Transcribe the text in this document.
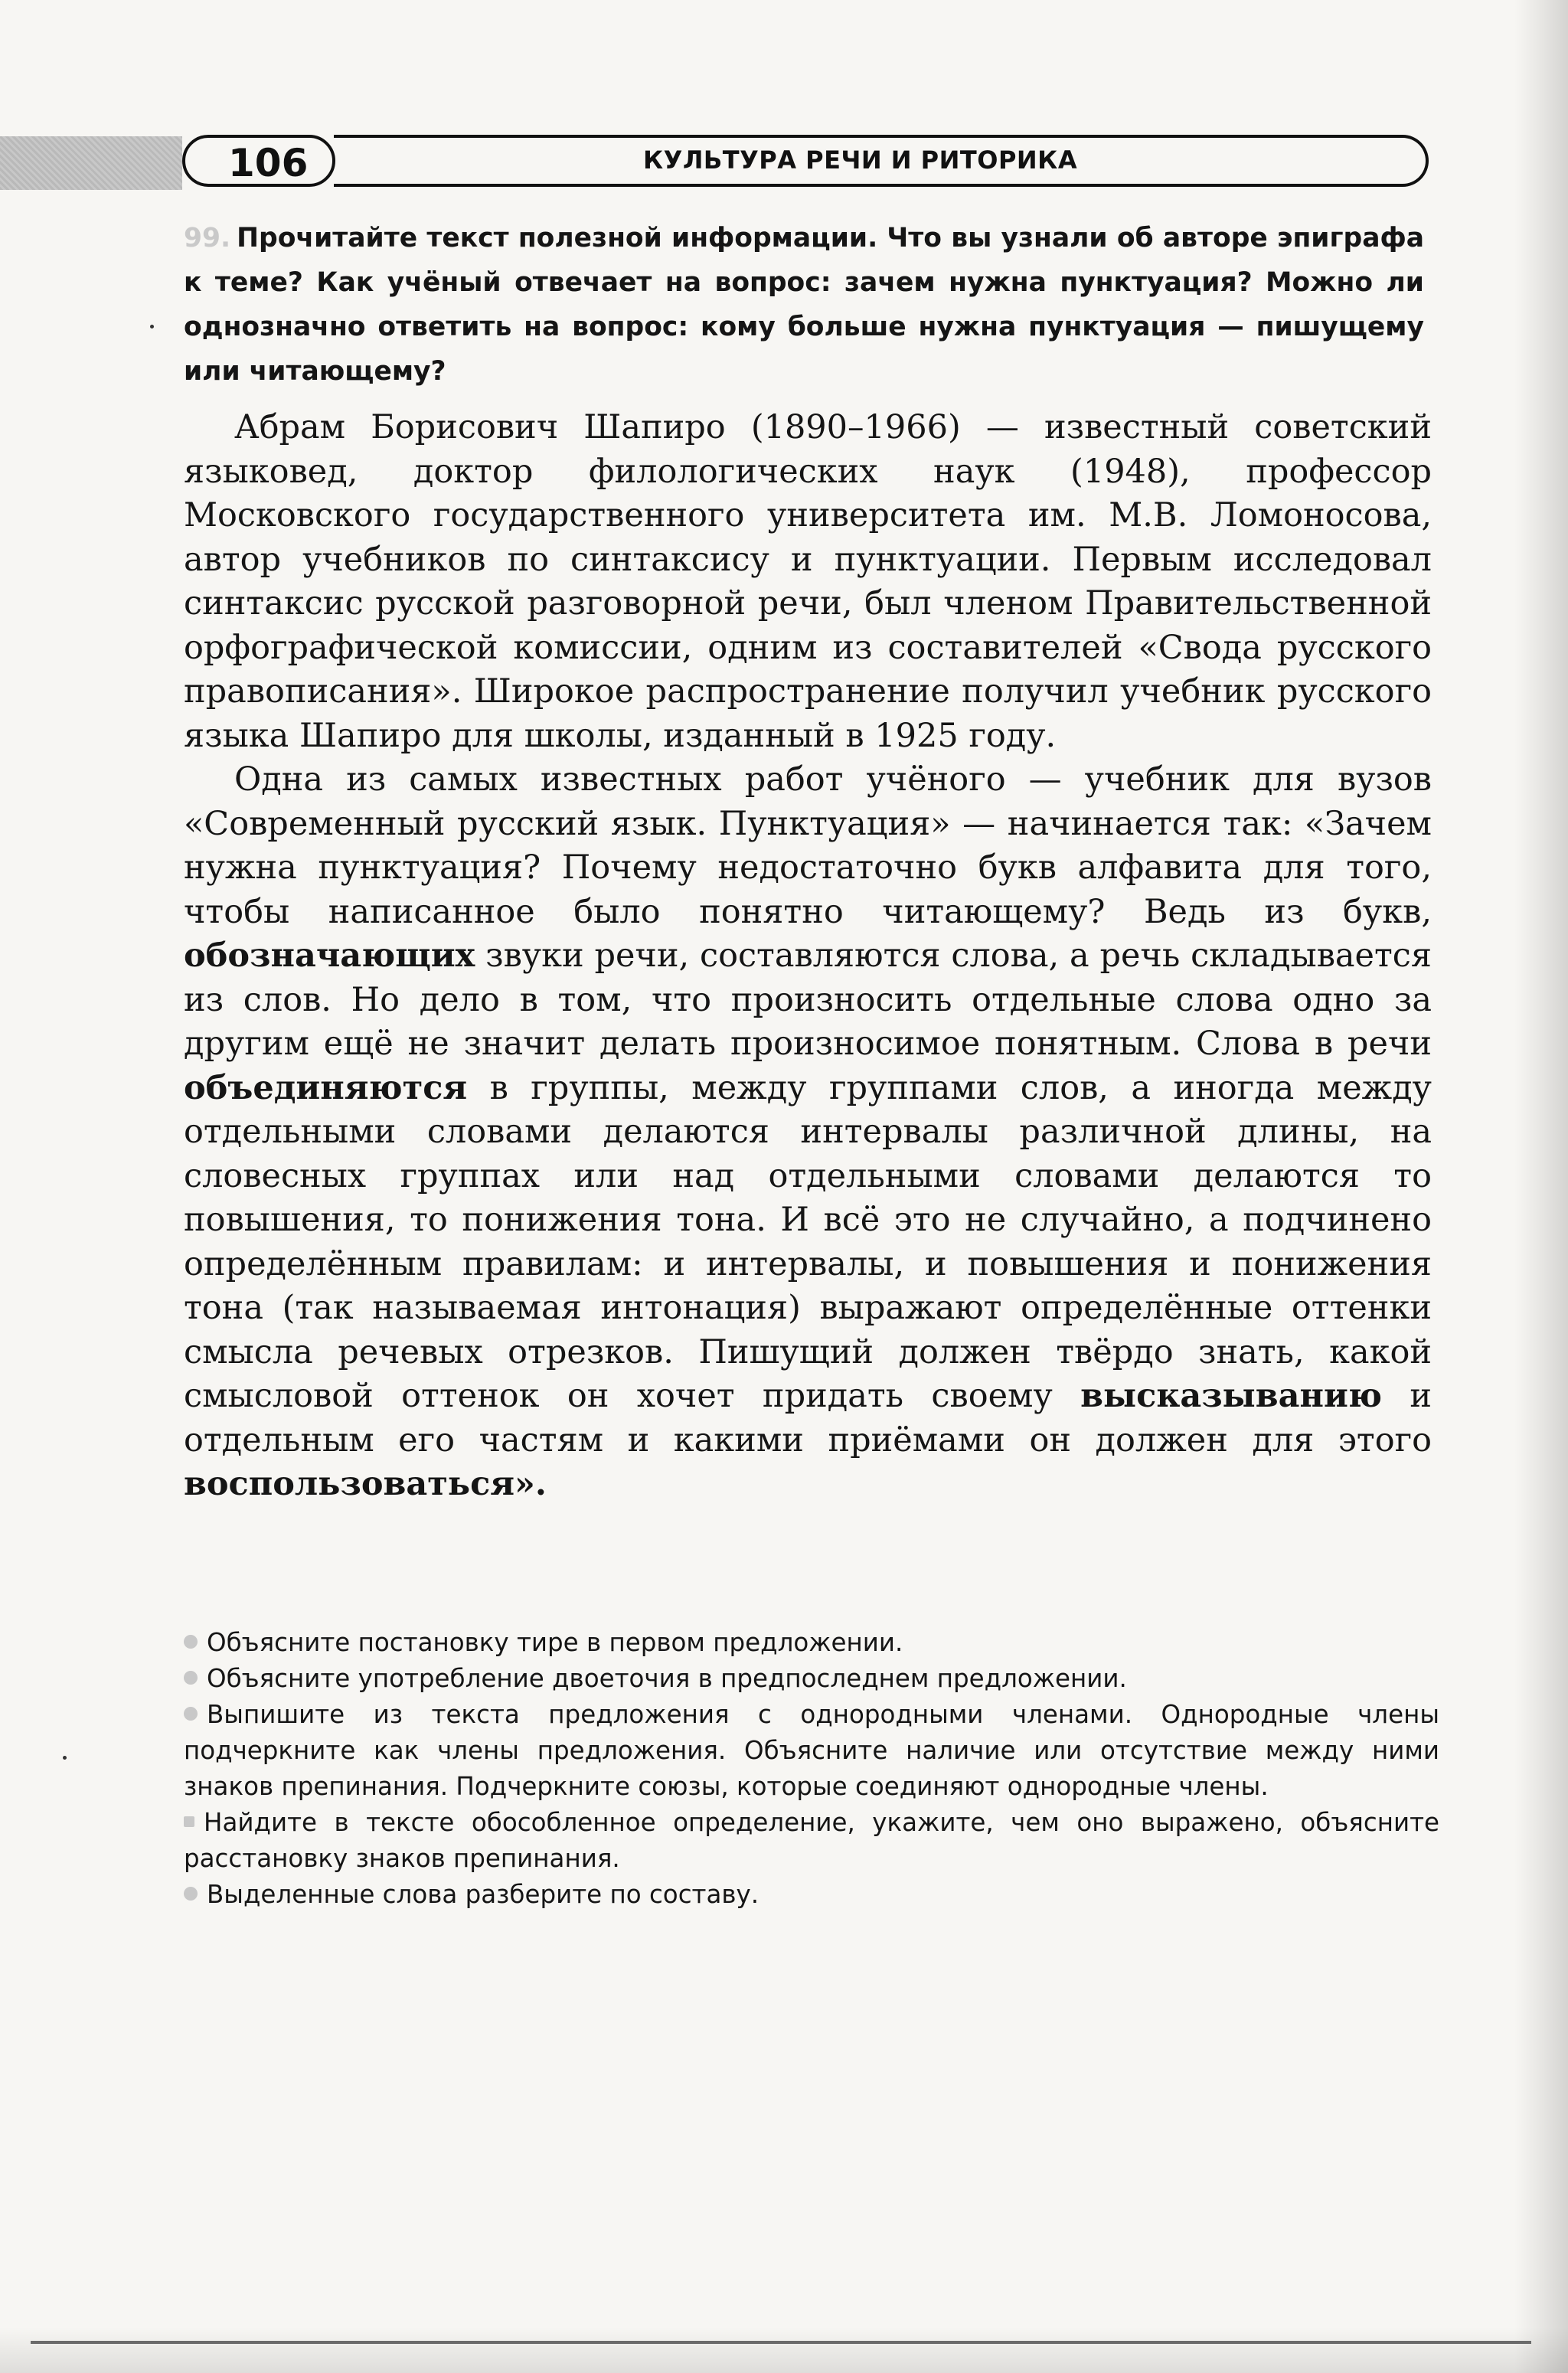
106	КУЛЬТУРА РЕЧИ И РИТОРИКА
99. Прочитайте текст полезной информации. Что вы узнали об авторе эпиграфа к теме? Как учёный отвечает на вопрос: зачем нужна пунктуация? Можно ли однозначно ответить на вопрос: кому больше нужна пунктуация — пишущему или читающему?

Абрам Борисович Шапиро (1890–1966) — известный советский языковед, доктор филологических наук (1948), профессор Московского государственного университета им. М.В. Ломоносова, автор учебников по синтаксису и пунктуации. Первым исследовал синтаксис русской разговорной речи, был членом Правительственной орфографической комиссии, одним из составителей «Свода русского правописания». Широкое распространение получил учебник русского языка Шапиро для школы, изданный в 1925 году.

Одна из самых известных работ учёного — учебник для вузов «Современный русский язык. Пунктуация» — начинается так: «Зачем нужна пунктуация? Почему недостаточно букв алфавита для того, чтобы написанное было понятно читающему? Ведь из букв, обозначающих звуки речи, составляются слова, а речь складывается из слов. Но дело в том, что произносить отдельные слова одно за другим ещё не значит делать произносимое понятным. Слова в речи объединяются в группы, между группами слов, а иногда между отдельными словами делаются интервалы различной длины, на словесных группах или над отдельными словами делаются то повышения, то понижения тона. И всё это не случайно, а подчинено определённым правилам: и интервалы, и повышения и понижения тона (так называемая интонация) выражают определённые оттенки смысла речевых отрезков. Пишущий должен твёрдо знать, какой смысловой оттенок он хочет придать своему высказыванию и отдельным его частям и какими приёмами он должен для этого воспользоваться».

Объясните постановку тире в первом предложении.

Объясните употребление двоеточия в предпоследнем предложении.

Выпишите из текста предложения с однородными членами. Однородные члены подчеркните как члены предложения. Объясните наличие или отсутствие между ними знаков препинания. Подчеркните союзы, которые соединяют однородные члены.

Найдите в тексте обособленное определение, укажите, чем оно выражено, объясните расстановку знаков препинания.

Выделенные слова разберите по составу.
